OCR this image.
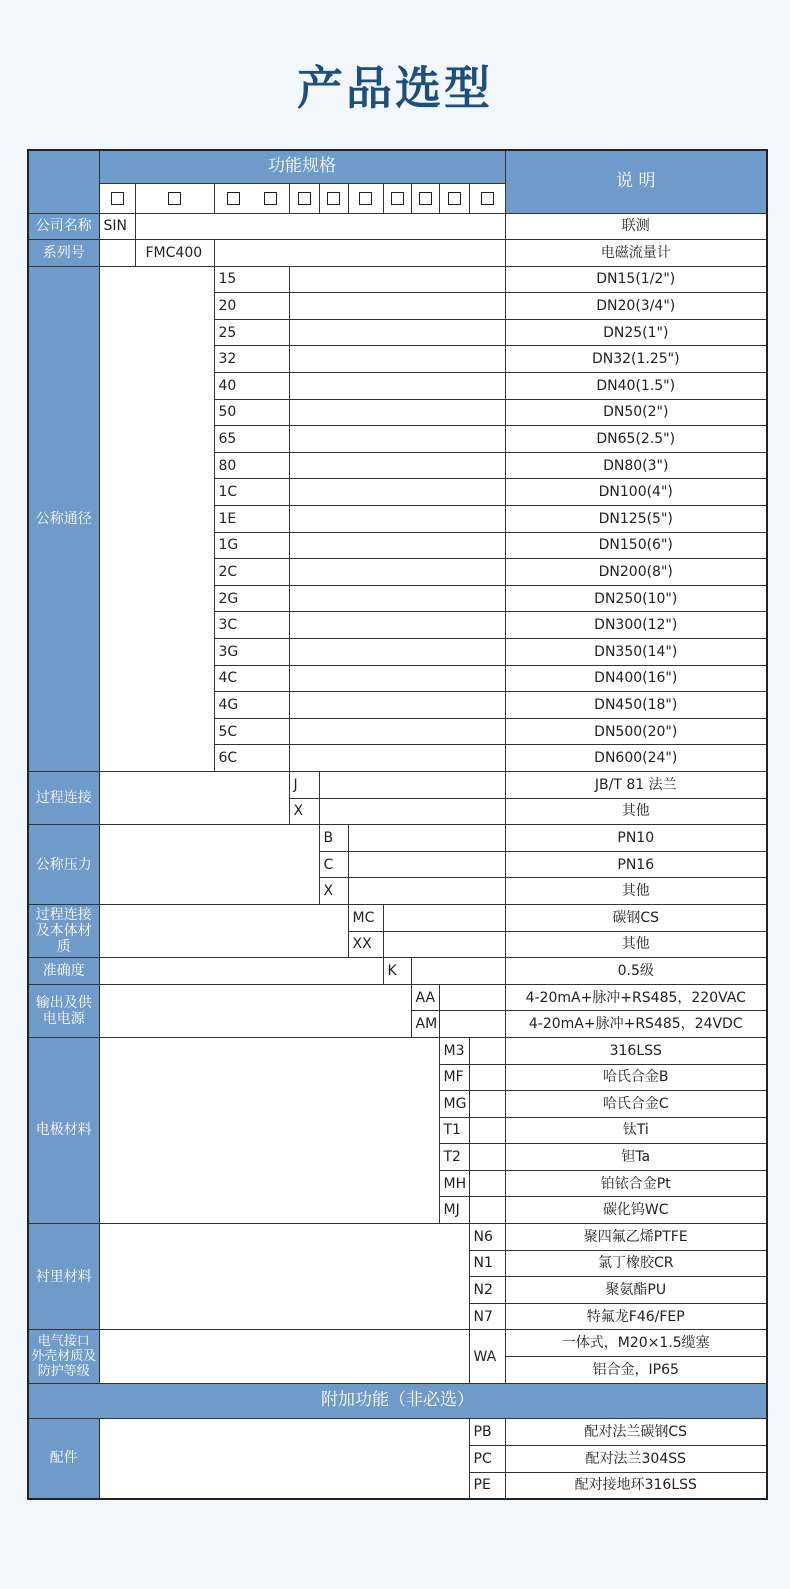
产品选型
	功能规格										说 明

公司名称	SIN										联测
系列号		FMC400									电磁流量计
公称通径			15								DN15(1/2")
			20								DN20(3/4")
			25								DN25(1")
			32								DN32(1.25")
			40								DN40(1.5")
			50								DN50(2")
			65								DN65(2.5")
			80								DN80(3")
			1C								DN100(4")
			1E								DN125(5")
			1G								DN150(6")
			2C								DN200(8")
			2G								DN250(10")
			3C								DN300(12")
			3G								DN350(14")
			4C								DN400(16")
			4G								DN450(18")
			5C								DN500(20")
			6C								DN600(24")
过程连接				J							JB/T 81 法兰
				X							其他
公称压力					B						PN10
					C						PN16
					X						其他
过程连接
及本体材质						MC					碳钢CS
						XX					其他
准确度							K				0.5级
输出及供
电电源								AA			4-20mA+脉冲+RS485，220VAC
								AM			4-20mA+脉冲+RS485，24VDC
电极材料									M3		316LSS
									MF		哈氏合金B
									MG		哈氏合金C
									T1		钛Ti
									T2		钽Ta
									MH		铂铱合金Pt
									MJ		碳化钨WC
衬里材料										N6	聚四氟乙烯PTFE
										N1	氯丁橡胶CR
										N2	聚氨酯PU
										N7	特氟龙F46/FEP
电气接口
外壳材质及
防护等级										WA	一体式，M20×1.5缆塞
											铝合金，IP65
附加功能（非必选）											
配件										PB	配对法兰碳钢CS
										PC	配对法兰304SS
										PE	配对接地环316LSS
